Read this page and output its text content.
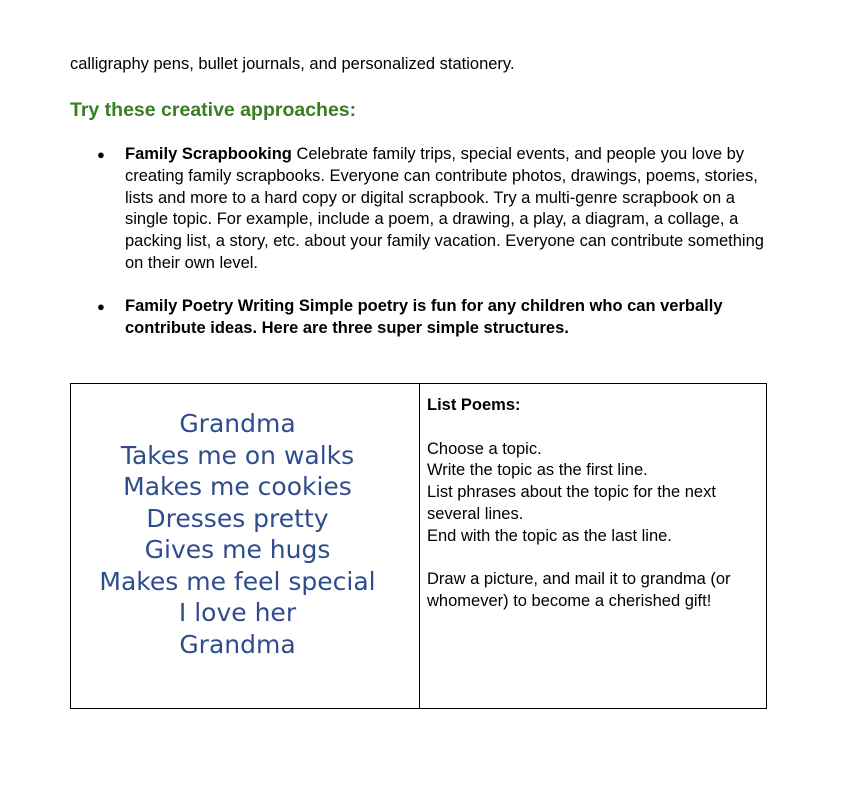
calligraphy pens, bullet journals, and personalized stationery.
Try these creative approaches:
● Family Scrapbooking Celebrate family trips, special events, and people you love by creating family scrapbooks. Everyone can contribute photos, drawings, poems, stories, lists and more to a hard copy or digital scrapbook. Try a multi-genre scrapbook on a single topic. For example, include a poem, a drawing, a play, a diagram, a collage, a packing list, a story, etc. about your family vacation. Everyone can contribute something on their own level.
● Family Poetry Writing Simple poetry is fun for any children who can verbally contribute ideas. Here are three super simple structures.
Grandma
Takes me on walks
Makes me cookies
Dresses pretty
Gives me hugs
Makes me feel special
I love her
Grandma

List Poems:

Choose a topic.

Write the topic as the first line.

List phrases about the topic for the next several lines.

End with the topic as the last line.

Draw a picture, and mail it to grandma (or whomever) to become a cherished gift!
